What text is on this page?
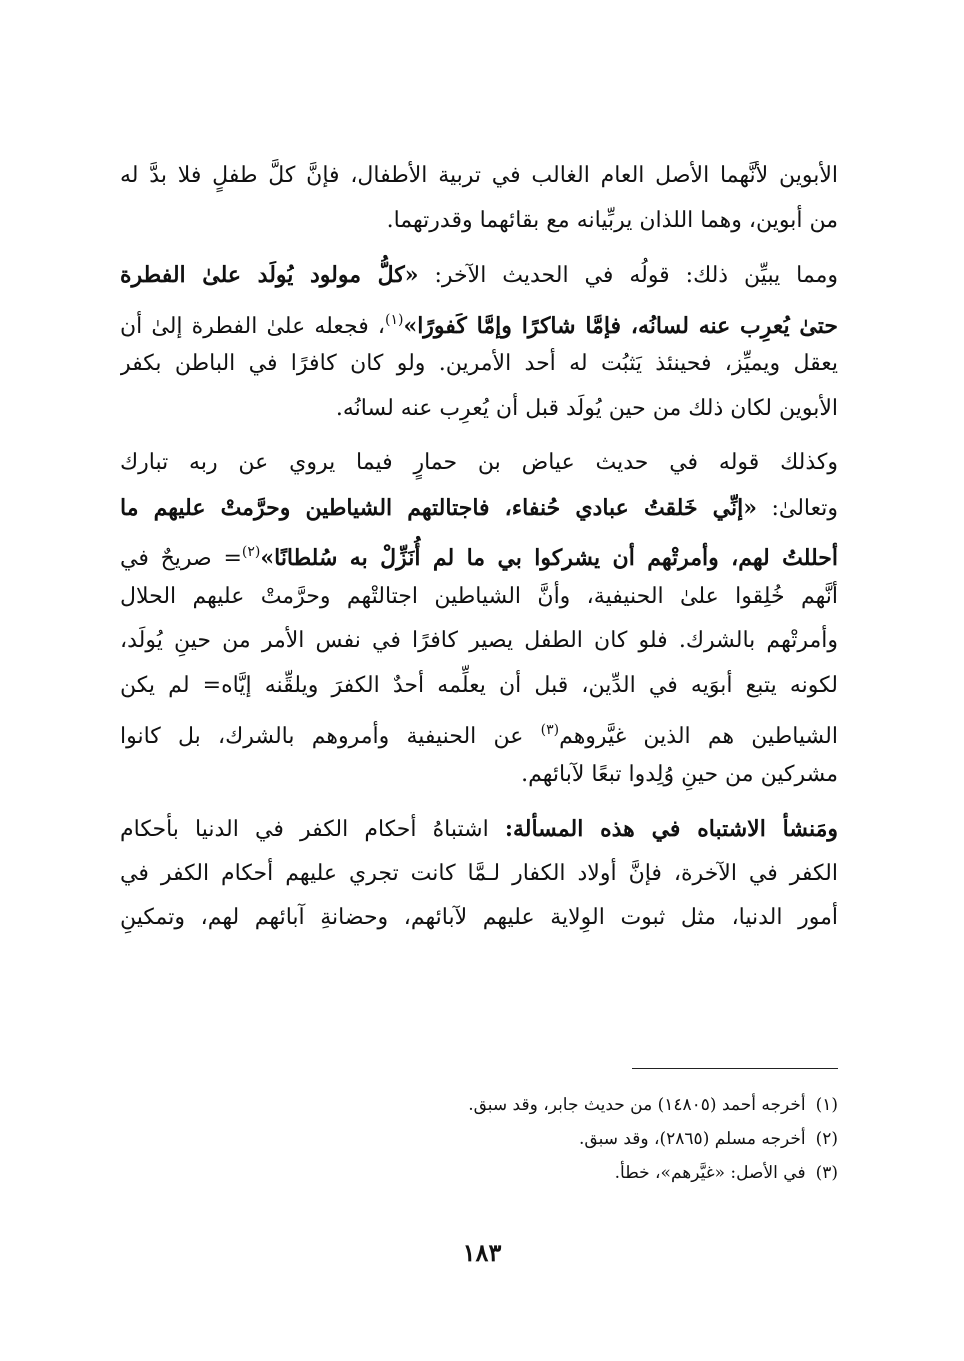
الأبوين لأنَّهما الأصل العام الغالب في تربية الأطفال، فإنَّ كلَّ طفلٍ فلا بدَّ له
من أبوين، وهما اللذان يربِّيانه مع بقائهما وقدرتهما.
ومما يبيِّن ذلك: قولُه في الحديث الآخر: «كلُّ مولود يُولَد علىٰ الفطرة
حتىٰ يُعرِب عنه لسانُه، فإمَّا شاكرًا وإمَّا كَفورًا»$^{(١)}$، فجعله علىٰ الفطرة إلىٰ أن
يعقل ويميِّز، فحينئذ يَثبُت له أحد الأمرين. ولو كان كافرًا في الباطن بكفر
الأبوين لكان ذلك من حين يُولَد قبل أن يُعرِب عنه لسانُه.
وكذلك قوله في حديث عياض بن حمارٍ فيما يروي عن ربه تبارك
وتعالىٰ: «إنِّي خَلقتُ عبادي حُنفاء، فاجتالتهم الشياطين وحرَّمتْ عليهم ما
أحللتُ لهم، وأمرتْهم أن يشركوا بي ما لم أُنَزِّلْ به سُلطانًا»$^{(٢)}$= صريحٌ في
أنَّهم خُلِقوا علىٰ الحنيفية، وأنَّ الشياطين اجتالتْهم وحرَّمتْ عليهم الحلال
وأمرتْهم بالشرك. فلو كان الطفل يصير كافرًا في نفس الأمر من حينِ يُولَد،
لكونه يتبع أبوَيه في الدِّين، قبل أن يعلِّمه أحدٌ الكفرَ ويلقِّنه إيَّاه= لم يكن
الشياطين هم الذين غيَّروهم$^{(٣)}$ عن الحنيفية وأمروهم بالشرك، بل كانوا
مشركين من حينِ وُلِدوا تبعًا لآبائهم.
ومَنشأ الاشتباه في هذه المسألة: اشتباهُ أحكام الكفر في الدنيا بأحكام
الكفر في الآخرة، فإنَّ أولاد الكفار لـمَّا كانت تجري عليهم أحكام الكفر في
أمور الدنيا، مثل ثبوت الوِلاية عليهم لآبائهم، وحضانةِ آبائهم لهم، وتمكينِ
(١)أخرجه أحمد (١٤٨٠٥) من حديث جابر، وقد سبق.
(٢)أخرجه مسلم (٢٨٦٥)، وقد سبق.
(٣)في الأصل: «غيَّرهم»، خطأ.
١٨٣
